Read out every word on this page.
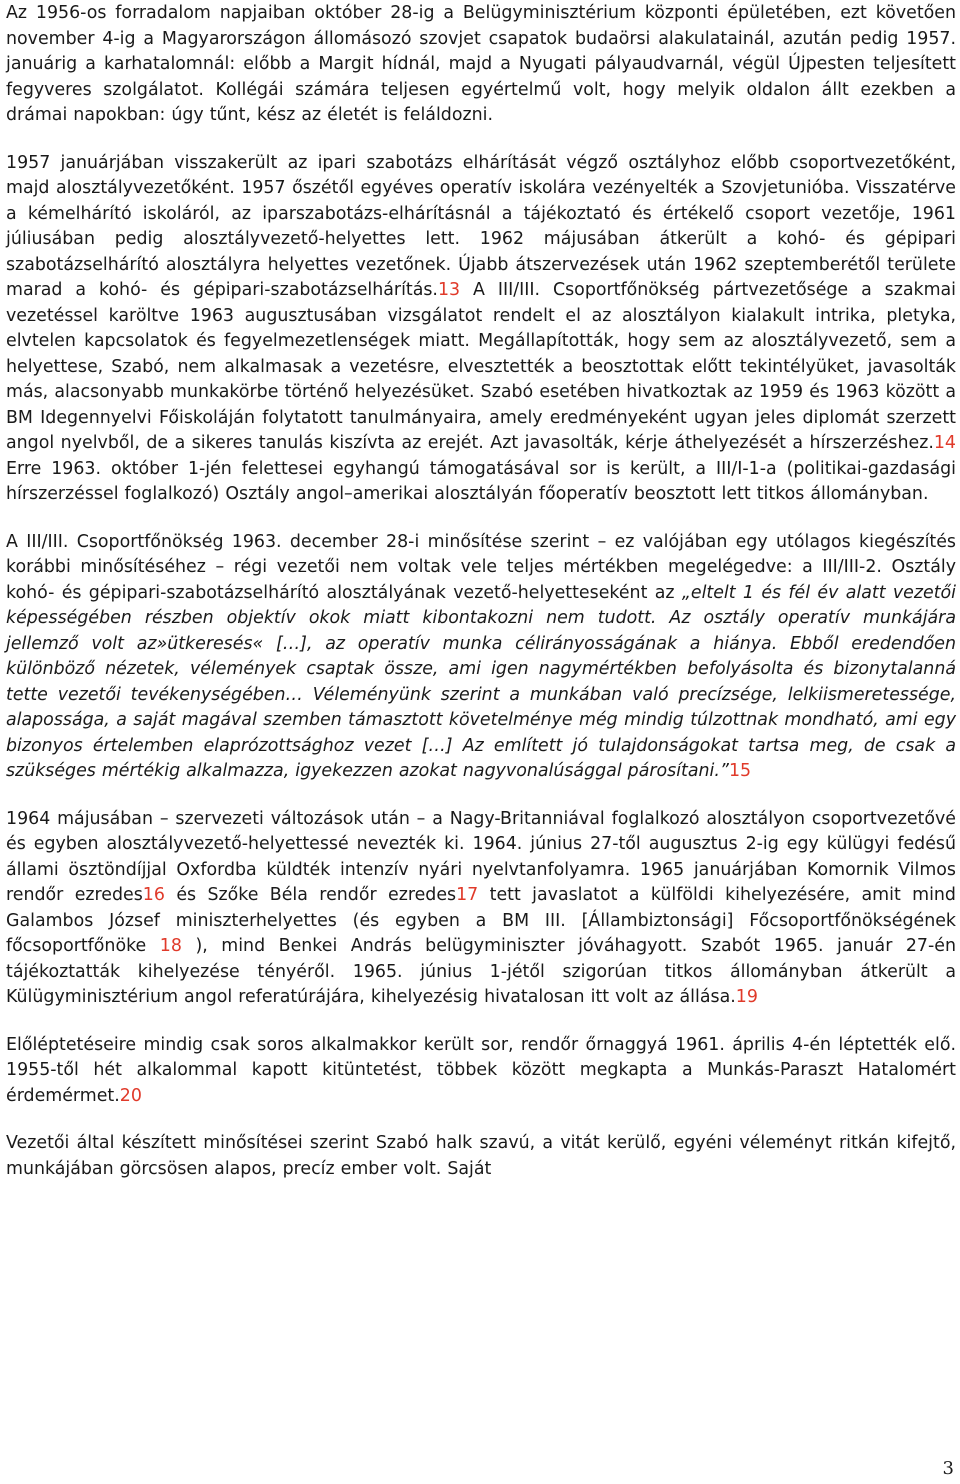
Az 1956-os forradalom napjaiban október 28-ig a Belügyminisztérium központi épületében, ezt követően november 4-ig a Magyarországon állomásozó szovjet csapatok budaörsi alakulatainál, azután pedig 1957. januárig a karhatalomnál: előbb a Margit hídnál, majd a Nyugati pályaudvarnál, végül Újpesten teljesített fegyveres szolgálatot. Kollégái számára teljesen egyértelmű volt, hogy melyik oldalon állt ezekben a drámai napokban: úgy tűnt, kész az életét is feláldozni.

1957 januárjában visszakerült az ipari szabotázs elhárítását végző osztályhoz előbb csoportvezetőként, majd alosztályvezetőként. 1957 őszétől egyéves operatív iskolára vezényelték a Szovjetunióba. Visszatérve a kémelhárító iskoláról, az iparszabotázs-elhárításnál a tájékoztató és értékelő csoport vezetője, 1961 júliusában pedig alosztályvezető-helyettes lett. 1962 májusában átkerült a kohó- és gépipari szabotázselhárító alosztályra helyettes vezetőnek. Újabb átszervezések után 1962 szeptemberétől területe marad a kohó- és gépipari-szabotázselhárítás.13 A III/III. Csoportfőnökség pártvezetősége a szakmai vezetéssel karöltve 1963 augusztusában vizsgálatot rendelt el az alosztályon kialakult intrika, pletyka, elvtelen kapcsolatok és fegyelmezetlenségek miatt. Megállapították, hogy sem az alosztályvezető, sem a helyettese, Szabó, nem alkalmasak a vezetésre, elvesztették a beosztottak előtt tekintélyüket, javasolták más, alacsonyabb munkakörbe történő helyezésüket. Szabó esetében hivatkoztak az 1959 és 1963 között a BM Idegennyelvi Főiskoláján folytatott tanulmányaira, amely eredményeként ugyan jeles diplomát szerzett angol nyelvből, de a sikeres tanulás kiszívta az erejét. Azt javasolták, kérje áthelyezését a hírszerzéshez.14 Erre 1963. október 1-jén felettesei egyhangú támogatásával sor is került, a III/I-1-a (politikai-gazdasági hírszerzéssel foglalkozó) Osztály angol–amerikai alosztályán főoperatív beosztott lett titkos állományban.

A III/III. Csoportfőnökség 1963. december 28-i minősítése szerint – ez valójában egy utólagos kiegészítés korábbi minősítéséhez – régi vezetői nem voltak vele teljes mértékben megelégedve: a III/III-2. Osztály kohó- és gépipari-szabotázselhárító alosztályának vezető-helyetteseként az „eltelt 1 és fél év alatt vezetői képességében részben objektív okok miatt kibontakozni nem tudott. Az osztály operatív munkájára jellemző volt az»ütkeresés« […], az operatív munka célirányosságának a hiánya. Ebből eredendően különböző nézetek, vélemények csaptak össze, ami igen nagymértékben befolyásolta és bizonytalanná tette vezetői tevékenységében… Véleményünk szerint a munkában való precízsége, lelkiismeretessége, alapossága, a saját magával szemben támasztott követelménye még mindig túlzottnak mondható, ami egy bizonyos értelemben elaprózottsághoz vezet […] Az említett jó tulajdonságokat tartsa meg, de csak a szükséges mértékig alkalmazza, igyekezzen azokat nagyvonalúsággal párosítani.”15

1964 májusában – szervezeti változások után – a Nagy-Britanniával foglalkozó alosztályon csoportvezetővé és egyben alosztályvezető-helyettessé nevezték ki. 1964. június 27-től augusztus 2-ig egy külügyi fedésű állami ösztöndíjjal Oxfordba küldték intenzív nyári nyelvtanfolyamra. 1965 januárjában Komornik Vilmos rendőr ezredes16 és Szőke Béla rendőr ezredes17 tett javaslatot a külföldi kihelyezésére, amit mind Galambos József miniszterhelyettes (és egyben a BM III. [Állambiztonsági] Főcsoportfőnökségének főcsoportfőnöke 18 ), mind Benkei András belügyminiszter jóváhagyott. Szabót 1965. január 27-én tájékoztatták kihelyezése tényéről. 1965. június 1-jétől szigorúan titkos állományban átkerült a Külügyminisztérium angol referatúrájára, kihelyezésig hivatalosan itt volt az állása.19

Előléptetéseire mindig csak soros alkalmakkor került sor, rendőr őrnaggyá 1961. április 4-én léptették elő. 1955-től hét alkalommal kapott kitüntetést, többek között megkapta a Munkás-Paraszt Hatalomért érdemérmet.20

Vezetői által készített minősítései szerint Szabó halk szavú, a vitát kerülő, egyéni véleményt ritkán kifejtő, munkájában görcsösen alapos, precíz ember volt. Saját

3
